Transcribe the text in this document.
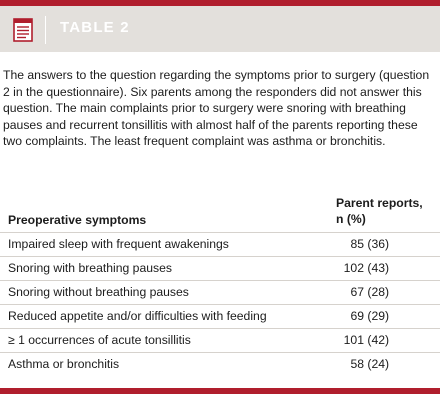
TABLE 2

The answers to the question regarding the symptoms prior to surgery (question 2 in the questionnaire). Six parents among the responders did not answer this question. The main complaints prior to surgery were snoring with breathing pauses and recurrent tonsillitis with almost half of the parents reporting these two complaints. The least frequent complaint was asthma or bronchitis.

Preoperative symptoms
Parent reports,
n (%)
Impaired sleep with frequent awakenings	85 (36)
Snoring with breathing pauses	102 (43)
Snoring without breathing pauses	67 (28)
Reduced appetite and/or difficulties with feeding	69 (29)
≥ 1 occurrences of acute tonsillitis	101 (42)
Asthma or bronchitis	58 (24)
